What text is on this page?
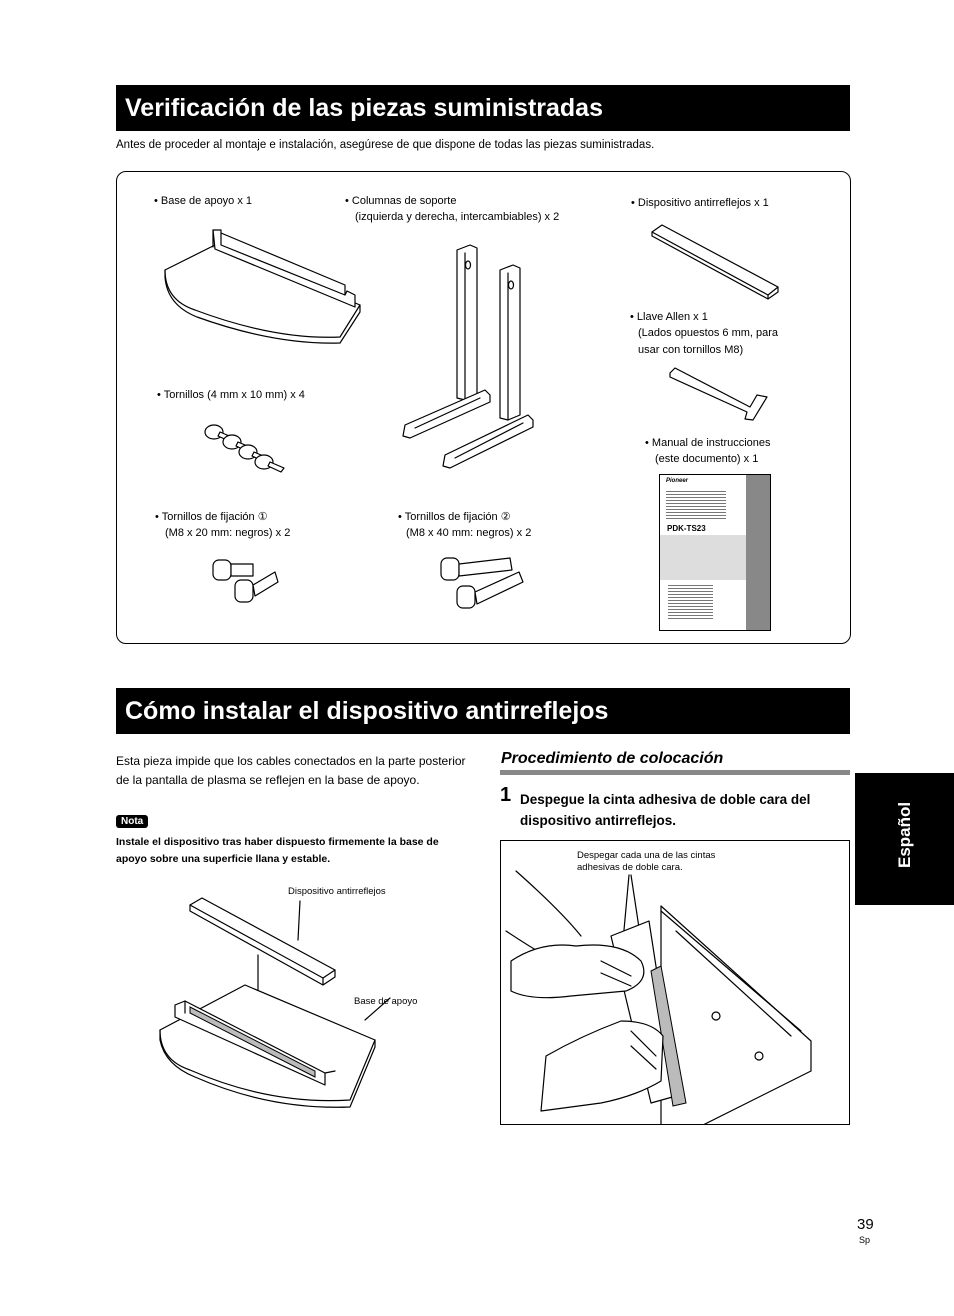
Verificación de las piezas suministradas
Antes de proceder al montaje e instalación, asegúrese de que dispone de todas las piezas suministradas.
• Base de apoyo x 1	• Columnas de soporte
(izquierda y derecha, intercambiables) x 2
• Dispositivo antirreflejos x 1
• Llave Allen x 1
(Lados opuestos 6 mm, para
usar con tornillos M8)
• Tornillos (4 mm x 10 mm) x 4
• Manual de instrucciones
(este documento) x 1
• Tornillos de fijación ①
(M8 x 20 mm: negros) x 2
• Tornillos de fijación ②
(M8 x 40 mm: negros) x 2
Pioneer
PDK-TS23
Cómo instalar el dispositivo antirreflejos
Esta pieza impide que los cables conectados en la parte posterior de la pantalla de plasma se reflejen en la base de apoyo.
Nota
Instale el dispositivo tras haber dispuesto firmemente la base de apoyo sobre una superficie llana y estable.
Dispositivo antirreflejos
Base de apoyo
Procedimiento de colocación
1 Despegue la cinta adhesiva de doble cara del dispositivo antirreflejos.
Despegar cada una de las cintas adhesivas de doble cara.	Español
39
Sp
